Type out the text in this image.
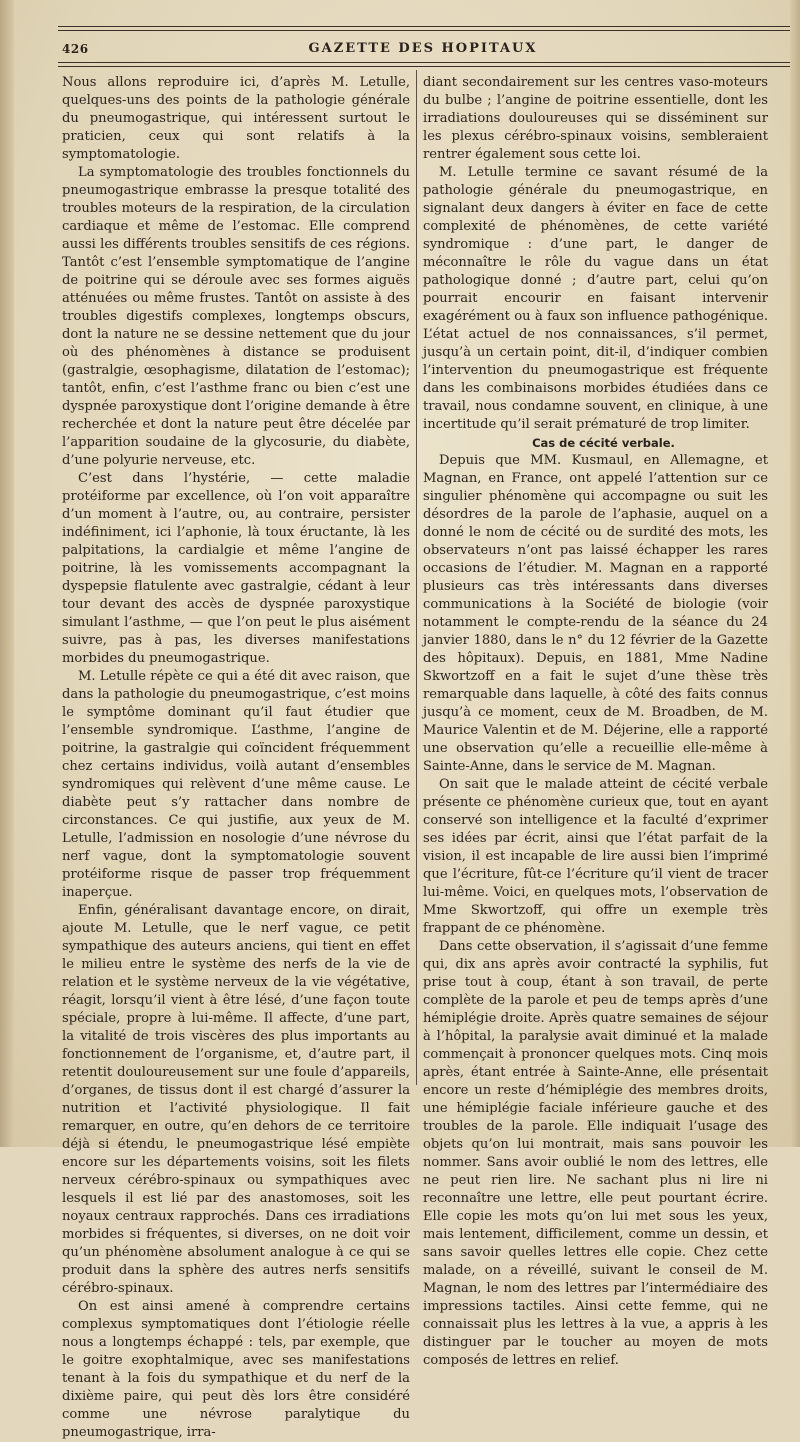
426	GAZETTE DES HOPITAUX

Nous allons reproduire ici, d’après M. Letulle, quelques-uns des points de la pathologie générale du pneumogastrique, qui intéressent surtout le praticien, ceux qui sont relatifs à la symptomatologie.

La symptomatologie des troubles fonctionnels du pneumogastrique embrasse la presque totalité des troubles moteurs de la respiration, de la circulation cardiaque et même de l’estomac. Elle comprend aussi les différents troubles sensitifs de ces régions. Tantôt c’est l’ensemble symptomatique de l’angine de poitrine qui se déroule avec ses formes aiguës atténuées ou même frustes. Tantôt on assiste à des troubles digestifs complexes, longtemps obscurs, dont la nature ne se dessine nettement que du jour où des phénomènes à distance se produisent (gastralgie, œsophagisme, dilatation de l’estomac); tantôt, enfin, c’est l’asthme franc ou bien c’est une dyspnée paroxystique dont l’origine demande à être recherchée et dont la nature peut être décelée par l’apparition soudaine de la glycosurie, du diabète, d’une polyurie nerveuse, etc.

C’est dans l’hystérie, — cette maladie protéiforme par excellence, où l’on voit apparaître d’un moment à l’autre, ou, au contraire, persister indéfiniment, ici l’aphonie, là toux éructante, là les palpitations, la cardialgie et même l’angine de poitrine, là les vomissements accompagnant la dyspepsie flatulente avec gastralgie, cédant à leur tour devant des accès de dyspnée paroxystique simulant l’asthme, — que l’on peut le plus aisément suivre, pas à pas, les diverses manifestations morbides du pneumogastrique.

M. Letulle répète ce qui a été dit avec raison, que dans la pathologie du pneumogastrique, c’est moins le symptôme dominant qu’il faut étudier que l’ensemble syndromique. L’asthme, l’angine de poitrine, la gastralgie qui coïncident fréquemment chez certains individus, voilà autant d’ensembles syndromiques qui relèvent d’une même cause. Le diabète peut s’y rattacher dans nombre de circonstances. Ce qui justifie, aux yeux de M. Letulle, l’admission en nosologie d’une névrose du nerf vague, dont la symptomatologie souvent protéiforme risque de passer trop fréquemment inaperçue.

Enfin, généralisant davantage encore, on dirait, ajoute M. Letulle, que le nerf vague, ce petit sympathique des auteurs anciens, qui tient en effet le milieu entre le système des nerfs de la vie de relation et le système nerveux de la vie végétative, réagit, lorsqu’il vient à être lésé, d’une façon toute spéciale, propre à lui-même. Il affecte, d’une part, la vitalité de trois viscères des plus importants au fonctionnement de l’organisme, et, d’autre part, il retentit douloureusement sur une foule d’appareils, d’organes, de tissus dont il est chargé d’assurer la nutrition et l’activité physiologique. Il fait remarquer, en outre, qu’en dehors de ce territoire déjà si étendu, le pneumogastrique lésé empiète encore sur les départements voisins, soit les filets nerveux cérébro-spinaux ou sympathiques avec lesquels il est lié par des anastomoses, soit les noyaux centraux rapprochés. Dans ces irradiations morbides si fréquentes, si diverses, on ne doit voir qu’un phénomène absolument analogue à ce qui se produit dans la sphère des autres nerfs sensitifs cérébro-spinaux.

On est ainsi amené à comprendre certains complexus symptomatiques dont l’étiologie réelle nous a longtemps échappé : tels, par exemple, que le goitre exophtalmique, avec ses manifestations tenant à la fois du sympathique et du nerf de la dixième paire, qui peut dès lors être considéré comme une névrose paralytique du pneumogastrique, irra-

diant secondairement sur les centres vaso-moteurs du bulbe ; l’angine de poitrine essentielle, dont les irradiations douloureuses qui se disséminent sur les plexus cérébro-spinaux voisins, sembleraient rentrer également sous cette loi.

M. Letulle termine ce savant résumé de la pathologie générale du pneumogastrique, en signalant deux dangers à éviter en face de cette complexité de phénomènes, de cette variété syndromique : d’une part, le danger de méconnaître le rôle du vague dans un état pathologique donné ; d’autre part, celui qu’on pourrait encourir en faisant intervenir exagérément ou à faux son influence pathogénique. L’état actuel de nos connaissances, s’il permet, jusqu’à un certain point, dit-il, d’indiquer combien l’intervention du pneumogastrique est fréquente dans les combinaisons morbides étudiées dans ce travail, nous condamne souvent, en clinique, à une incertitude qu’il serait prématuré de trop limiter.

Cas de cécité verbale.

Depuis que MM. Kusmaul, en Allemagne, et Magnan, en France, ont appelé l’attention sur ce singulier phénomène qui accompagne ou suit les désordres de la parole de l’aphasie, auquel on a donné le nom de cécité ou de surdité des mots, les observateurs n’ont pas laissé échapper les rares occasions de l’étudier. M. Magnan en a rapporté plusieurs cas très intéressants dans diverses communications à la Société de biologie (voir notamment le compte-rendu de la séance du 24 janvier 1880, dans le n° du 12 février de la Gazette des hôpitaux). Depuis, en 1881, Mme Nadine Skwortzoff en a fait le sujet d’une thèse très remarquable dans laquelle, à côté des faits connus jusqu’à ce moment, ceux de M. Broadben, de M. Maurice Valentin et de M. Déjerine, elle a rapporté une observation qu’elle a recueillie elle-même à Sainte-Anne, dans le service de M. Magnan.

On sait que le malade atteint de cécité verbale présente ce phénomène curieux que, tout en ayant conservé son intelligence et la faculté d’exprimer ses idées par écrit, ainsi que l’état parfait de la vision, il est incapable de lire aussi bien l’imprimé que l’écriture, fût-ce l’écriture qu’il vient de tracer lui-même. Voici, en quelques mots, l’observation de Mme Skwortzoff, qui offre un exemple très frappant de ce phénomène.

Dans cette observation, il s’agissait d’une femme qui, dix ans après avoir contracté la syphilis, fut prise tout à coup, étant à son travail, de perte complète de la parole et peu de temps après d’une hémiplégie droite. Après quatre semaines de séjour à l’hôpital, la paralysie avait diminué et la malade commençait à prononcer quelques mots. Cinq mois après, étant entrée à Sainte-Anne, elle présentait encore un reste d’hémiplégie des membres droits, une hémiplégie faciale inférieure gauche et des troubles de la parole. Elle indiquait l’usage des objets qu’on lui montrait, mais sans pouvoir les nommer. Sans avoir oublié le nom des lettres, elle ne peut rien lire. Ne sachant plus ni lire ni reconnaître une lettre, elle peut pourtant écrire. Elle copie les mots qu’on lui met sous les yeux, mais lentement, difficilement, comme un dessin, et sans savoir quelles lettres elle copie. Chez cette malade, on a réveillé, suivant le conseil de M. Magnan, le nom des lettres par l’intermédiaire des impressions tactiles. Ainsi cette femme, qui ne connaissait plus les lettres à la vue, a appris à les distinguer par le toucher au moyen de mots composés de lettres en relief.
